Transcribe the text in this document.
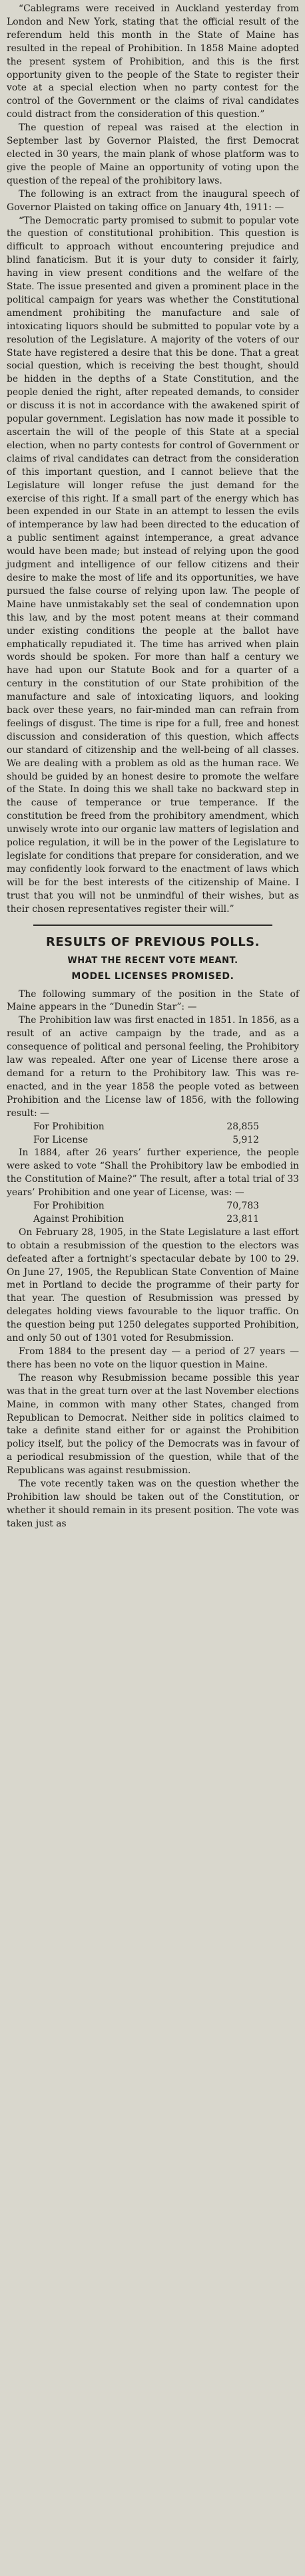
“Cablegrams were received in Auckland yesterday from London and New York, stating that the official result of the referendum held this month in the State of Maine has resulted in the repeal of Prohibition. In 1858 Maine adopted the present system of Prohibition, and this is the first opportunity given to the people of the State to register their vote at a special election when no party contest for the control of the Government or the claims of rival candidates could distract from the consideration of this question.”

The question of repeal was raised at the election in September last by Governor Plaisted, the first Democrat elected in 30 years, the main plank of whose platform was to give the people of Maine an opportunity of voting upon the question of the repeal of the prohibitory laws.

The following is an extract from the inaugural speech of Governor Plaisted on taking office on January 4th, 1911: —

“The Democratic party promised to submit to popular vote the question of constitutional prohibition. This question is difficult to approach without encountering prejudice and blind fanaticism. But it is your duty to consider it fairly, having in view present conditions and the welfare of the State. The issue presented and given a prominent place in the political campaign for years was whether the Constitutional amendment prohibiting the manufacture and sale of intoxicating liquors should be submitted to popular vote by a resolution of the Legislature. A majority of the voters of our State have registered a desire that this be done. That a great social question, which is receiving the best thought, should be hidden in the depths of a State Constitution, and the people denied the right, after repeated demands, to consider or discuss it is not in accordance with the awakened spirit of popular government. Legislation has now made it possible to ascertain the will of the people of this State at a special election, when no party contests for control of Government or claims of rival candidates can detract from the consideration of this important question, and I cannot believe that the Legislature will longer refuse the just demand for the exercise of this right. If a small part of the energy which has been expended in our State in an attempt to lessen the evils of intemperance by law had been directed to the education of a public sentiment against intemperance, a great advance would have been made; but instead of relying upon the good judgment and intelligence of our fellow citizens and their desire to make the most of life and its opportunities, we have pursued the false course of relying upon law. The people of Maine have unmistakably set the seal of condemnation upon this law, and by the most potent means at their command under existing conditions the people at the ballot have emphatically repudiated it. The time has arrived when plain words should be spoken. For more than half a century we have had upon our Statute Book and for a quarter of a century in the constitution of our State prohibition of the manufacture and sale of intoxicating liquors, and looking back over these years, no fair-minded man can refrain from feelings of disgust. The time is ripe for a full, free and honest discussion and consideration of this question, which affects our standard of citizenship and the well-being of all classes. We are dealing with a problem as old as the human race. We should be guided by an honest desire to promote the welfare of the State. In doing this we shall take no backward step in the cause of temperance or true temperance. If the constitution be freed from the prohibitory amendment, which unwisely wrote into our organic law matters of legislation and police regulation, it will be in the power of the Legislature to legislate for conditions that prepare for consideration, and we may confidently look forward to the enactment of laws which will be for the best interests of the citizenship of Maine. I trust that you will not be unmindful of their wishes, but as their chosen representatives register their will.”

RESULTS OF PREVIOUS POLLS.
WHAT THE RECENT VOTE MEANT.
MODEL LICENSES PROMISED.

The following summary of the position in the State of Maine appears in the “Dunedin Star”: —

The Prohibition law was first enacted in 1851. In 1856, as a result of an active campaign by the trade, and as a consequence of political and personal feeling, the Prohibitory law was repealed. After one year of License there arose a demand for a return to the Prohibitory law. This was re-enacted, and in the year 1858 the people voted as between Prohibition and the License law of 1856, with the following result: —

For Prohibition	28,855
For License	5,912

In 1884, after 26 years’ further experience, the people were asked to vote “Shall the Prohibitory law be embodied in the Constitution of Maine?” The result, after a total trial of 33 years’ Prohibition and one year of License, was: —

For Prohibition	70,783
Against Prohibition	23,811

On February 28, 1905, in the State Legislature a last effort to obtain a resubmission of the question to the electors was defeated after a fortnight’s spectacular debate by 100 to 29. On June 27, 1905, the Republican State Convention of Maine met in Portland to decide the programme of their party for that year. The question of Resubmission was pressed by delegates holding views favourable to the liquor traffic. On the question being put 1250 delegates supported Prohibition, and only 50 out of 1301 voted for Resubmission.

From 1884 to the present day — a period of 27 years — there has been no vote on the liquor question in Maine.

The reason why Resubmission became possible this year was that in the great turn over at the last November elections Maine, in common with many other States, changed from Republican to Democrat. Neither side in politics claimed to take a definite stand either for or against the Prohibition policy itself, but the policy of the Democrats was in favour of a periodical resubmission of the question, while that of the Republicans was against resubmission.

The vote recently taken was on the question whether the Prohibition law should be taken out of the Constitution, or whether it should remain in its present position. The vote was taken just as
